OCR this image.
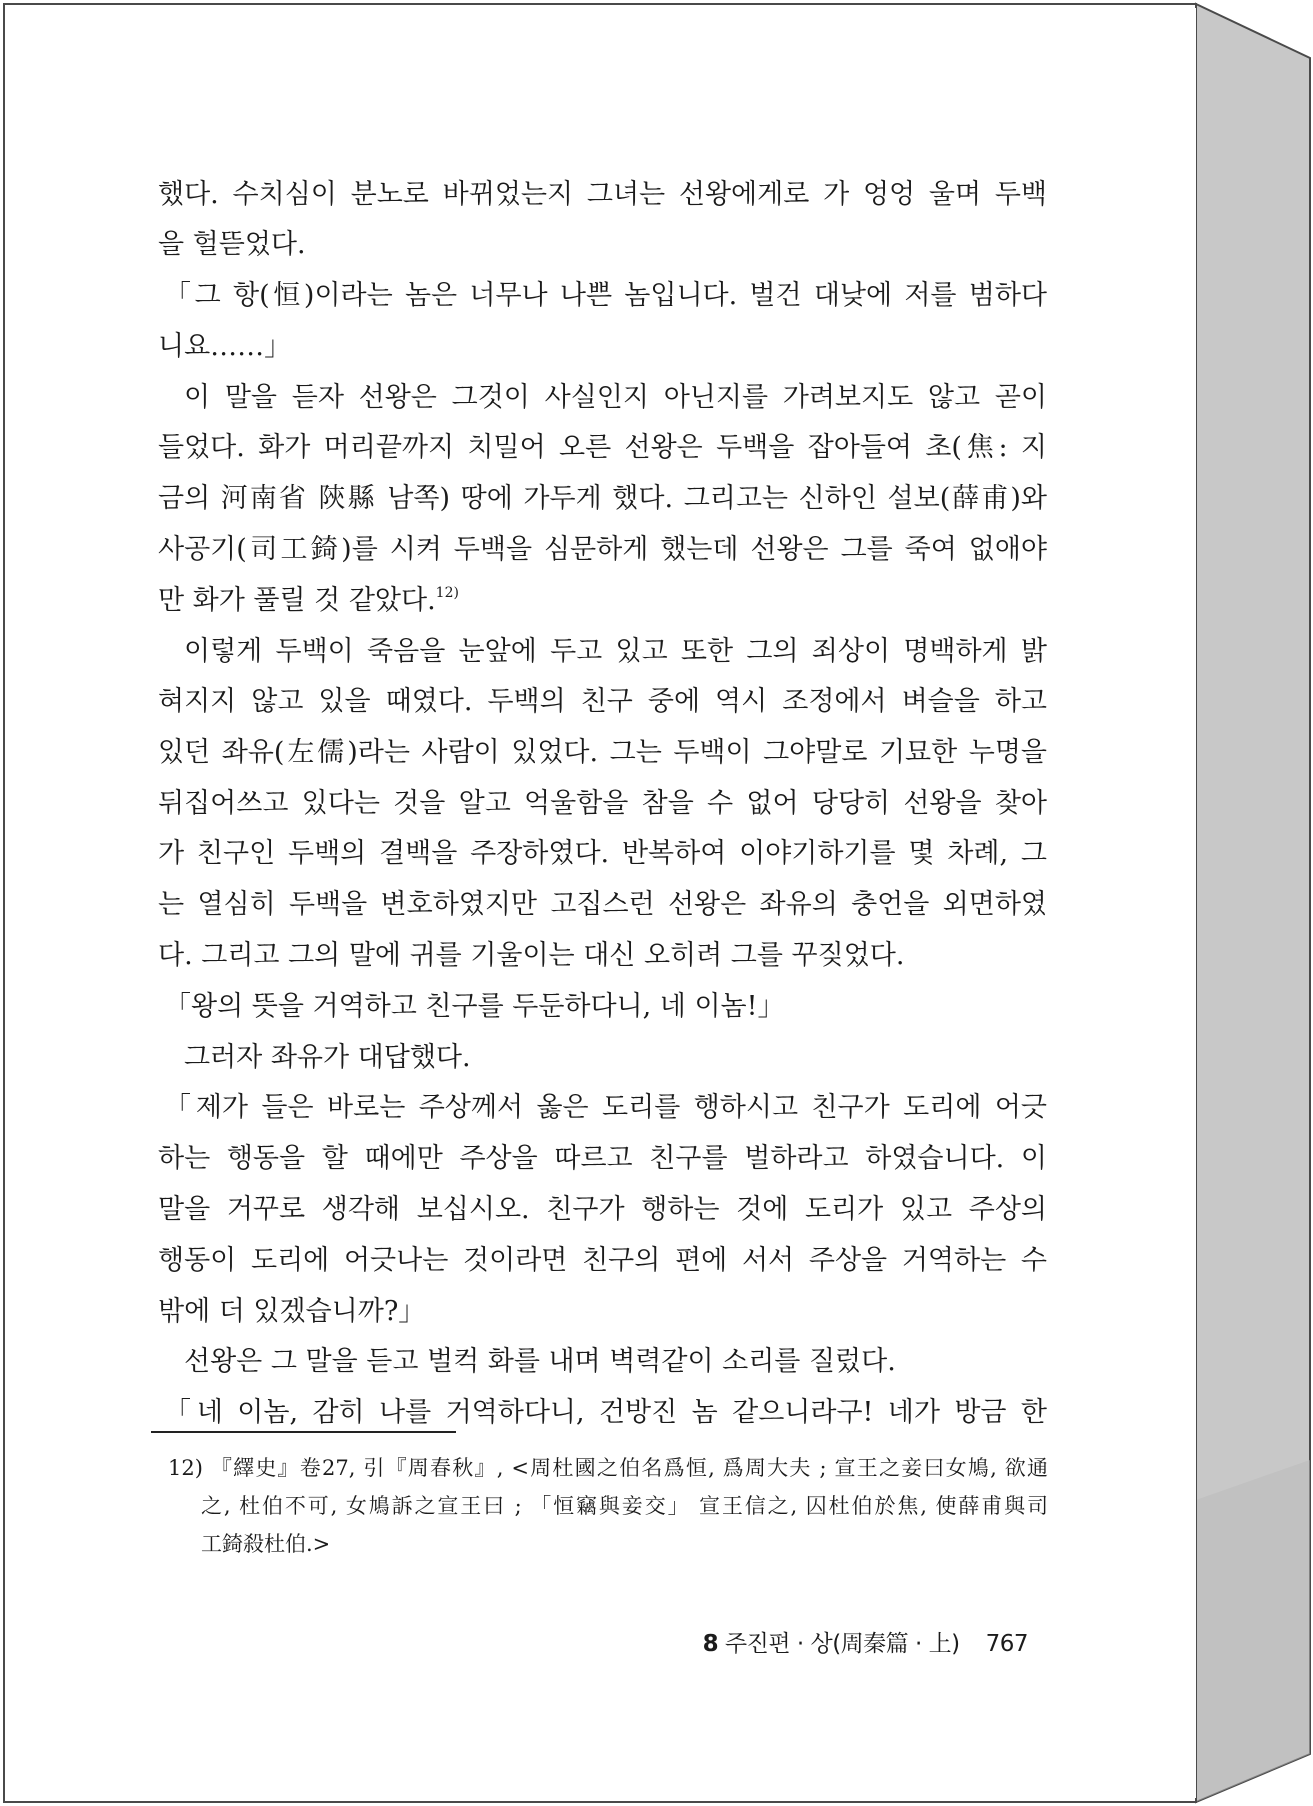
했다. 수치심이 분노로 바뀌었는지 그녀는 선왕에게로 가 엉엉 울며 두백
을 헐뜯었다.
「그 항(恒)이라는 놈은 너무나 나쁜 놈입니다. 벌건 대낮에 저를 범하다
니요……」
이 말을 듣자 선왕은 그것이 사실인지 아닌지를 가려보지도 않고 곧이
들었다. 화가 머리끝까지 치밀어 오른 선왕은 두백을 잡아들여 초(焦: 지
금의 河南省 陝縣 남쪽) 땅에 가두게 했다. 그리고는 신하인 설보(薛甫)와
사공기(司工錡)를 시켜 두백을 심문하게 했는데 선왕은 그를 죽여 없애야
만 화가 풀릴 것 같았다.$^{12)}$
이렇게 두백이 죽음을 눈앞에 두고 있고 또한 그의 죄상이 명백하게 밝
혀지지 않고 있을 때였다. 두백의 친구 중에 역시 조정에서 벼슬을 하고
있던 좌유(左儒)라는 사람이 있었다. 그는 두백이 그야말로 기묘한 누명을
뒤집어쓰고 있다는 것을 알고 억울함을 참을 수 없어 당당히 선왕을 찾아
가 친구인 두백의 결백을 주장하였다. 반복하여 이야기하기를 몇 차례, 그
는 열심히 두백을 변호하였지만 고집스런 선왕은 좌유의 충언을 외면하였
다. 그리고 그의 말에 귀를 기울이는 대신 오히려 그를 꾸짖었다.
「왕의 뜻을 거역하고 친구를 두둔하다니, 네 이놈!」
그러자 좌유가 대답했다.
「제가 들은 바로는 주상께서 옳은 도리를 행하시고 친구가 도리에 어긋
하는 행동을 할 때에만 주상을 따르고 친구를 벌하라고 하였습니다. 이
말을 거꾸로 생각해 보십시오. 친구가 행하는 것에 도리가 있고 주상의
행동이 도리에 어긋나는 것이라면 친구의 편에 서서 주상을 거역하는 수
밖에 더 있겠습니까?」
선왕은 그 말을 듣고 벌컥 화를 내며 벽력같이 소리를 질렀다.
「네 이놈, 감히 나를 거역하다니, 건방진 놈 같으니라구! 네가 방금 한
12) 『繹史』卷27, 引『周春秋』, <周杜國之伯名爲恒, 爲周大夫 ; 宣王之妾曰女鳩, 欲通
之, 杜伯不可, 女鳩訴之宣王曰 ; 「恒竊與妾交」 宣王信之, 囚杜伯於焦, 使薛甫與司
工錡殺杜伯.>
8 주진편 · 상(周秦篇 · 上) 767
